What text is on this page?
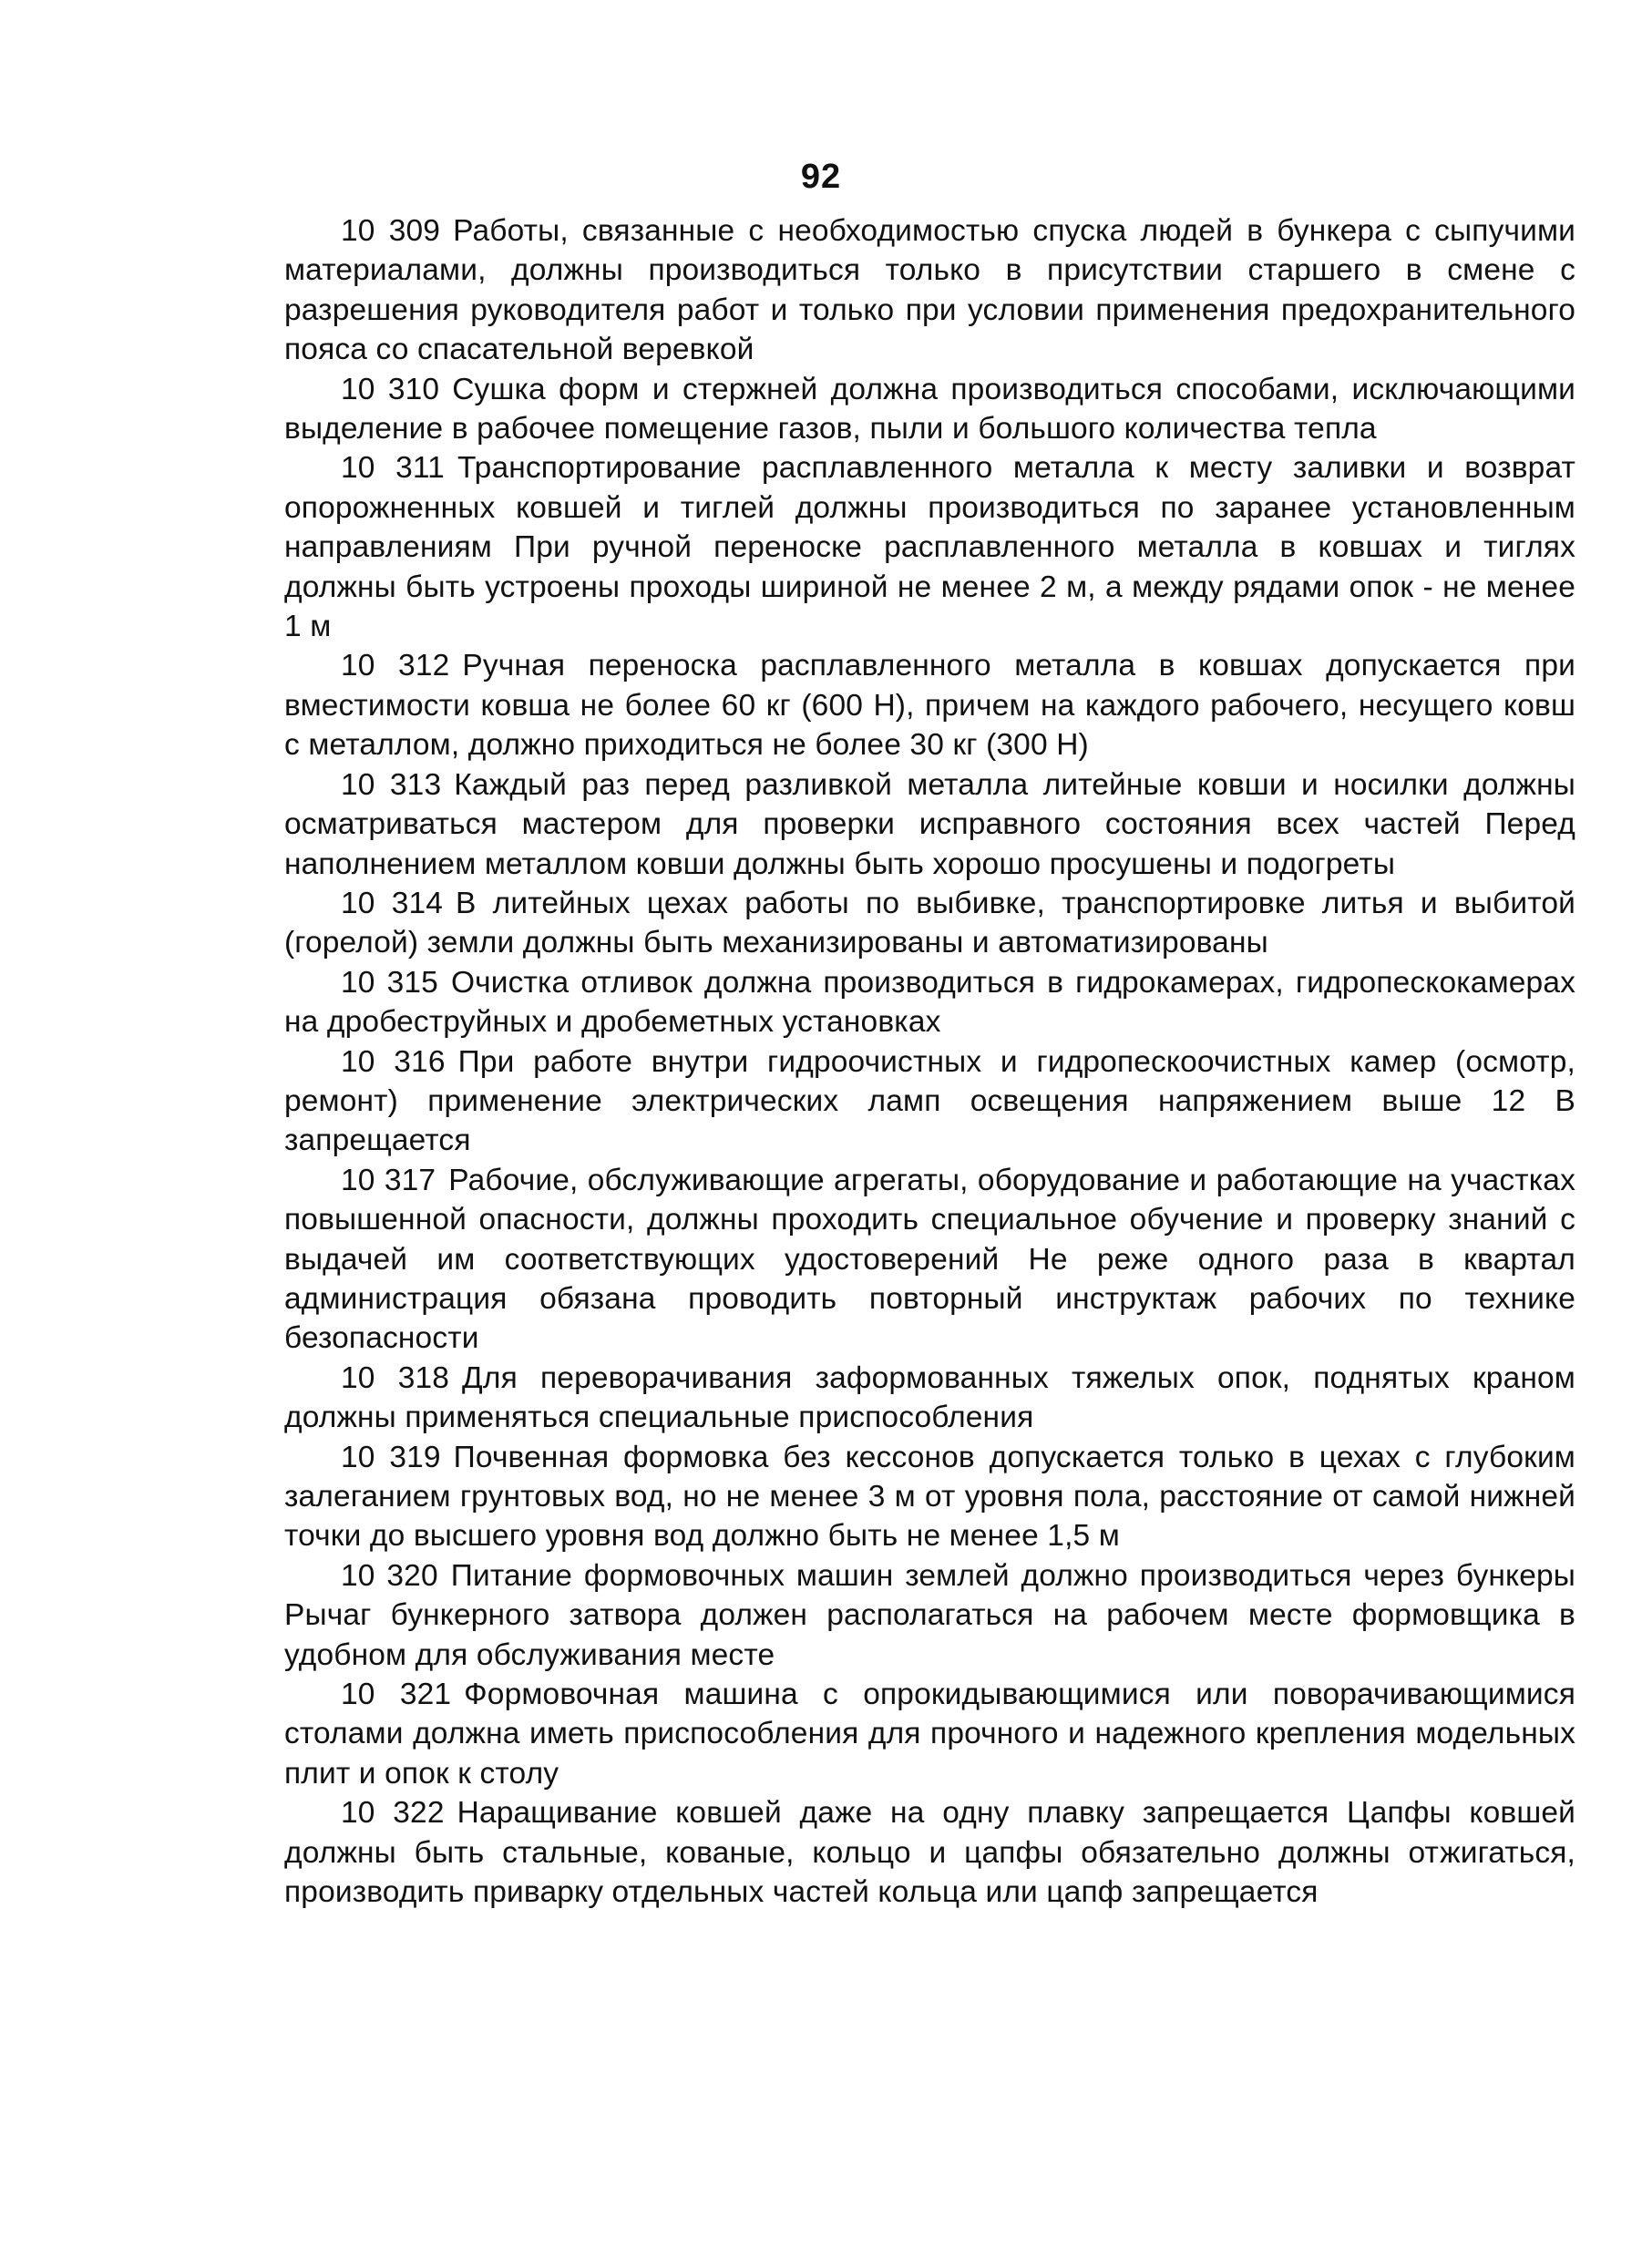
92

10 309 Работы, связанные с необходимостью спуска людей в бункера с сыпучими материалами, должны производиться только в присутствии старшего в смене с разрешения руководителя работ и только при условии применения предохранительного пояса со спасательной веревкой

10 310 Сушка форм и стержней должна производиться способами, исключающими выделение в рабочее помещение газов, пыли и большого количества тепла

10 311 Транспортирование расплавленного металла к месту заливки и возврат опорожненных ковшей и тиглей должны производиться по заранее установленным направлениям При ручной переноске расплавленного металла в ковшах и тиглях должны быть устроены проходы шириной не менее 2 м, а между рядами опок - не менее 1 м

10 312 Ручная переноска расплавленного металла в ковшах допускается при вместимости ковша не более 60 кг (600 Н), причем на каждого рабочего, несущего ковш с металлом, должно приходиться не более 30 кг (300 Н)

10 313 Каждый раз перед разливкой металла литейные ковши и носилки должны осматриваться мастером для проверки исправного состояния всех частей Перед наполнением металлом ковши должны быть хорошо просушены и подогреты

10 314 В литейных цехах работы по выбивке, транспортировке литья и выбитой (горелой) земли должны быть механизированы и автоматизированы

10 315 Очистка отливок должна производиться в гидрокамерах, гидропескокамерах на дробеструйных и дробеметных установках

10 316 При работе внутри гидроочистных и гидропескоочистных камер (осмотр, ремонт) применение электрических ламп освещения напряжением выше 12 В запрещается

10 317 Рабочие, обслуживающие агрегаты, оборудование и работающие на участках повышенной опасности, должны проходить специальное обучение и проверку знаний с выдачей им соответствующих удостоверений Не реже одного раза в квартал администрация обязана проводить повторный инструктаж рабочих по технике безопасности

10 318 Для переворачивания заформованных тяжелых опок, поднятых краном должны применяться специальные приспособления

10 319 Почвенная формовка без кессонов допускается только в цехах с глубоким залеганием грунтовых вод, но не менее 3 м от уровня пола, расстояние от самой нижней точки до высшего уровня вод должно быть не менее 1,5 м

10 320 Питание формовочных машин землей должно производиться через бункеры Рычаг бункерного затвора должен располагаться на рабочем месте формовщика в удобном для обслуживания месте

10 321 Формовочная машина с опрокидывающимися или поворачивающимися столами должна иметь приспособления для прочного и надежного крепления модельных плит и опок к столу

10 322 Наращивание ковшей даже на одну плавку запрещается Цапфы ковшей должны быть стальные, кованые, кольцо и цапфы обязательно должны отжигаться, производить приварку отдельных частей кольца или цапф запрещается
